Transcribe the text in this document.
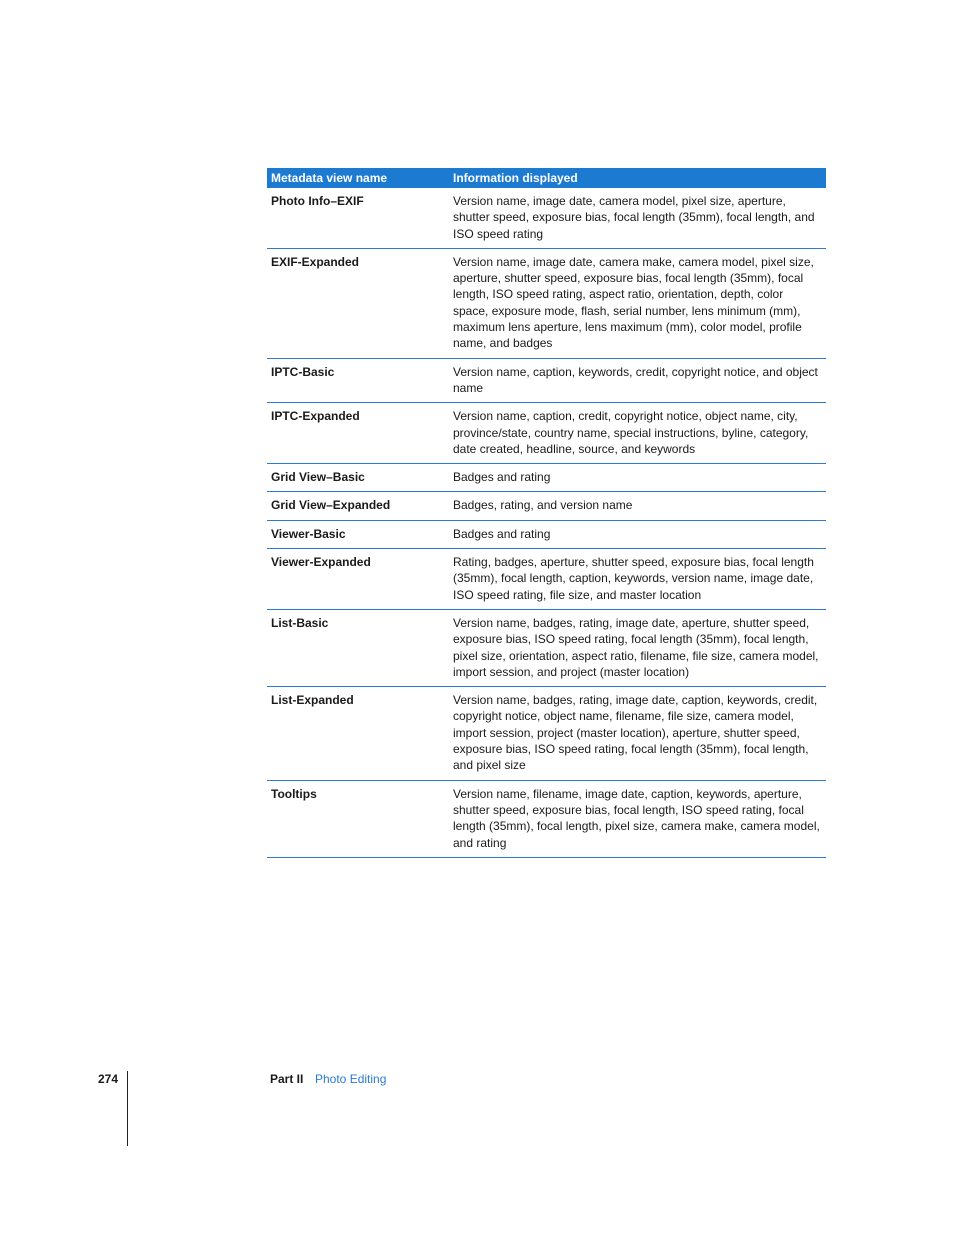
Metadata view name	Information displayed
Photo Info–EXIF	Version name, image date, camera model, pixel size, aperture, shutter speed, exposure bias, focal length (35mm), focal length, and ISO speed rating
EXIF-Expanded	Version name, image date, camera make, camera model, pixel size, aperture, shutter speed, exposure bias, focal length (35mm), focal length, ISO speed rating, aspect ratio, orientation, depth, color space, exposure mode, flash, serial number, lens minimum (mm), maximum lens aperture, lens maximum (mm), color model, profile name, and badges
IPTC-Basic	Version name, caption, keywords, credit, copyright notice, and object name
IPTC-Expanded	Version name, caption, credit, copyright notice, object name, city, province/state, country name, special instructions, byline, category, date created, headline, source, and keywords
Grid View–Basic	Badges and rating
Grid View–Expanded	Badges, rating, and version name
Viewer-Basic	Badges and rating
Viewer-Expanded	Rating, badges, aperture, shutter speed, exposure bias, focal length (35mm), focal length, caption, keywords, version name, image date, ISO speed rating, file size, and master location
List-Basic	Version name, badges, rating, image date, aperture, shutter speed, exposure bias, ISO speed rating, focal length (35mm), focal length, pixel size, orientation, aspect ratio, filename, file size, camera model, import session, and project (master location)
List-Expanded	Version name, badges, rating, image date, caption, keywords, credit, copyright notice, object name, filename, file size, camera model, import session, project (master location), aperture, shutter speed, exposure bias, ISO speed rating, focal length (35mm), focal length, and pixel size
Tooltips	Version name, filename, image date, caption, keywords, aperture, shutter speed, exposure bias, focal length, ISO speed rating, focal length (35mm), focal length, pixel size, camera make, camera model, and rating
274	Part II Photo Editing
